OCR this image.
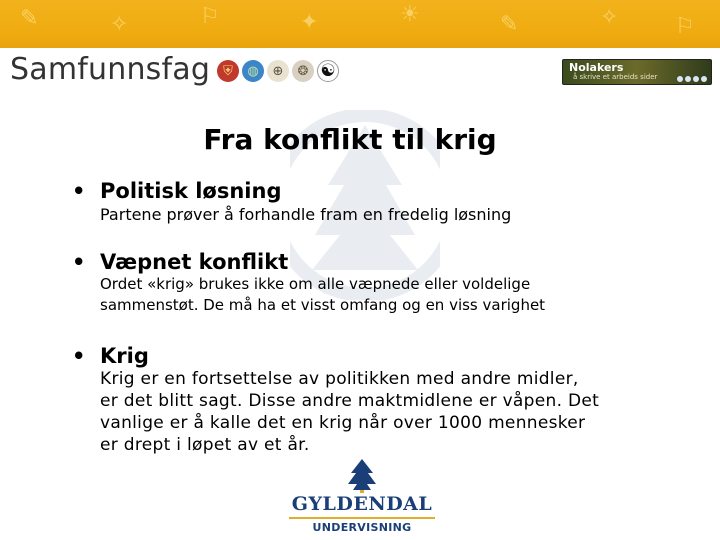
✎	✧	⚐	✦	☀	✎	✧	⚐
Samfunnsfag	⛨	◍	⊕	❂ ☯	Nolakers
å skrive et arbeids sider
Fra konflikt til krig
• Politisk løsning
Partene prøver å forhandle fram en fredelig løsning
• Væpnet konflikt
Ordet «krig» brukes ikke om alle væpnede eller voldelige
sammenstøt. De må ha et visst omfang og en viss varighet
• Krig
Krig er en fortsettelse av politikken med andre midler,
er det blitt sagt. Disse andre maktmidlene er våpen. Det
vanlige er å kalle det en krig når over 1000 mennesker
er drept i løpet av et år.
GYLDENDAL
UNDERVISNING
